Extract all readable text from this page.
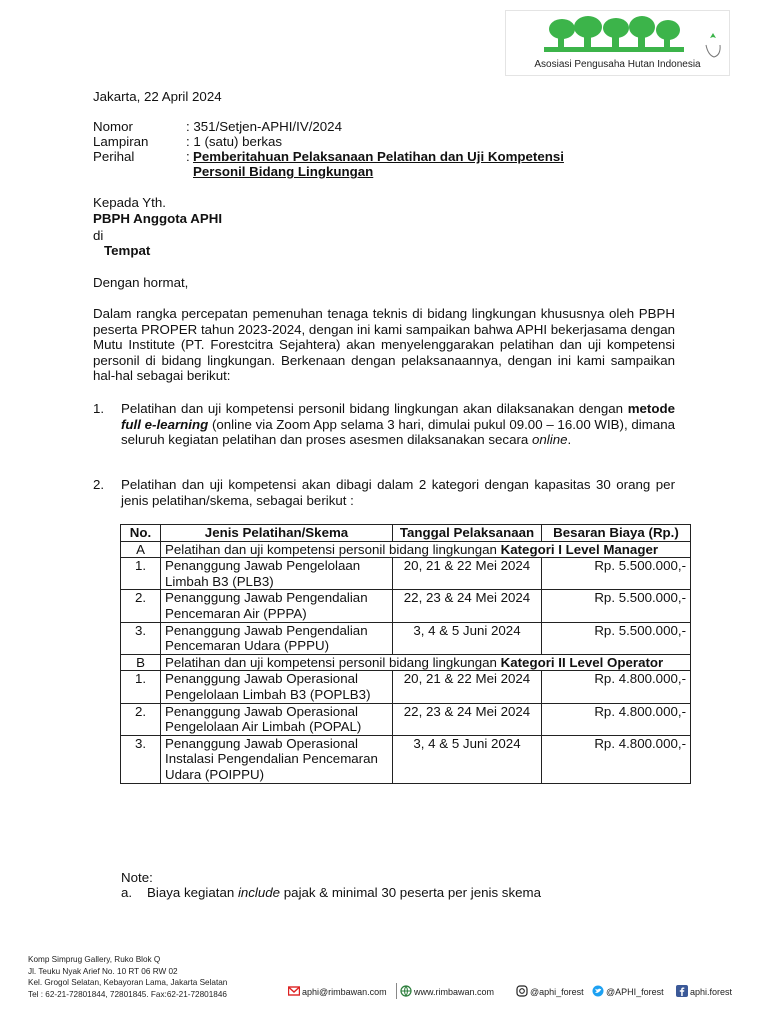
Asosiasi Pengusaha Hutan Indonesia
Jakarta, 22 April 2024
Nomor	: 351/Setjen-APHI/IV/2024
Lampiran	: 1 (satu) berkas
Perihal	: Pemberitahuan Pelaksanaan Pelatihan dan Uji Kompetensi
Personil Bidang Lingkungan
Kepada Yth.
PBPH Anggota APHI
di
Tempat
Dengan hormat,
Dalam rangka percepatan pemenuhan tenaga teknis di bidang lingkungan khususnya oleh PBPH peserta PROPER tahun 2023-2024, dengan ini kami sampaikan bahwa APHI bekerjasama dengan Mutu Institute (PT. Forestcitra Sejahtera) akan menyelenggarakan pelatihan dan uji kompetensi personil di bidang lingkungan. Berkenaan dengan pelaksanaannya, dengan ini kami sampaikan hal-hal sebagai berikut:
1. Pelatihan dan uji kompetensi personil bidang lingkungan akan dilaksanakan dengan metode full e-learning (online via Zoom App selama 3 hari, dimulai pukul 09.00 – 16.00 WIB), dimana seluruh kegiatan pelatihan dan proses asesmen dilaksanakan secara online.
2. Pelatihan dan uji kompetensi akan dibagi dalam 2 kategori dengan kapasitas 30 orang per jenis pelatihan/skema, sebagai berikut :
No.	Jenis Pelatihan/Skema	Tanggal Pelaksanaan	Besaran Biaya (Rp.)
A	Pelatihan dan uji kompetensi personil bidang lingkungan Kategori I Level Manager		
1.	Penanggung Jawab Pengelolaan Limbah B3 (PLB3)	20, 21 & 22 Mei 2024	Rp. 5.500.000,-
2.	Penanggung Jawab Pengendalian Pencemaran Air (PPPA)	22, 23 & 24 Mei 2024	Rp. 5.500.000,-
3.	Penanggung Jawab Pengendalian Pencemaran Udara (PPPU)	3, 4 & 5 Juni 2024	Rp. 5.500.000,-
B	Pelatihan dan uji kompetensi personil bidang lingkungan Kategori II Level Operator		
1.	Penanggung Jawab Operasional Pengelolaan Limbah B3 (POPLB3)	20, 21 & 22 Mei 2024	Rp. 4.800.000,-
2.	Penanggung Jawab Operasional Pengelolaan Air Limbah (POPAL)	22, 23 & 24 Mei 2024	Rp. 4.800.000,-
3.	Penanggung Jawab Operasional Instalasi Pengendalian Pencemaran Udara (POIPPU)	3, 4 & 5 Juni 2024	Rp. 4.800.000,-
Note:
a. Biaya kegiatan include pajak & minimal 30 peserta per jenis skema
Komp Simprug Gallery, Ruko Blok Q
Jl. Teuku Nyak Arief No. 10 RT 06 RW 02
Kel. Grogol Selatan, Kebayoran Lama, Jakarta Selatan
Tel : 62-21-72801844, 72801845. Fax:62-21-72801846	aphi@rimbawan.com	www.rimbawan.com	@aphi_forest	@APHI_forest	aphi.forest
